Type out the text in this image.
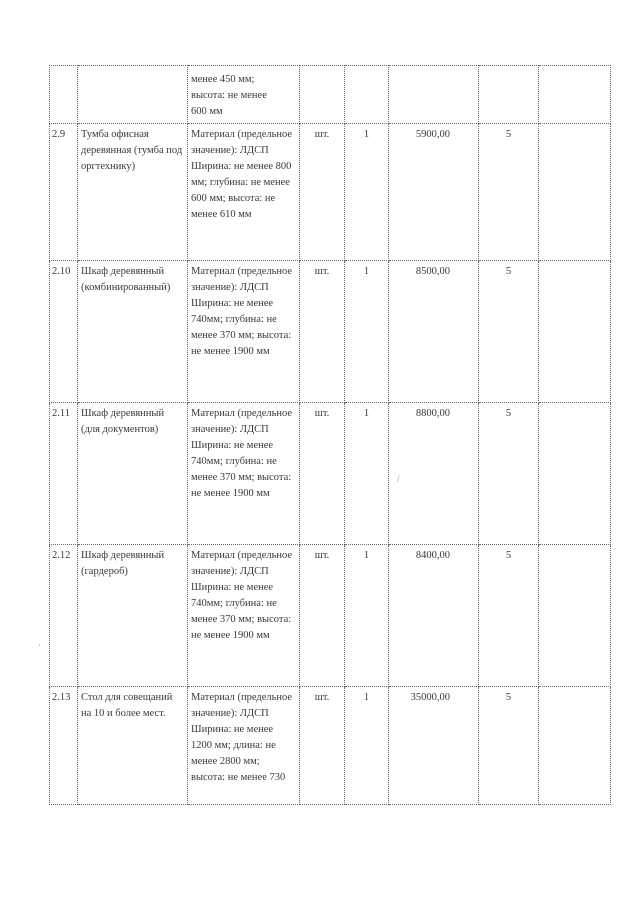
		менее 450 мм;
высота: не менее
600 мм					
2.9	Тумба офисная деревянная (тумба под оргтехнику)	Материал (предельное значение): ЛДСП Ширина: не менее 800 мм; глубина: не менее 600 мм; высота: не менее 610 мм	шт.	1	5900,00	5	
2.10	Шкаф деревянный (комбинированный)	Материал (предельное значение): ЛДСП Ширина: не менее 740мм; глубина: не менее 370 мм; высота: не менее 1900 мм	шт.	1	8500,00	5	
2.11	Шкаф деревянный (для документов)	Материал (предельное значение): ЛДСП Ширина: не менее 740мм; глубина: не менее 370 мм; высота: не менее 1900 мм	шт.	1	8800,00	5	
2.12	Шкаф деревянный (гардероб)	Материал (предельное значение): ЛДСП Ширина: не менее 740мм; глубина: не менее 370 мм; высота: не менее 1900 мм	шт.	1	8400,00	5	
2.13	Стол для совещаний на 10 и более мест.	Материал (предельное значение): ЛДСП Ширина: не менее 1200 мм; длина: не менее 2800 мм; высота: не менее 730	шт.	1	35000,00	5	
/
·
